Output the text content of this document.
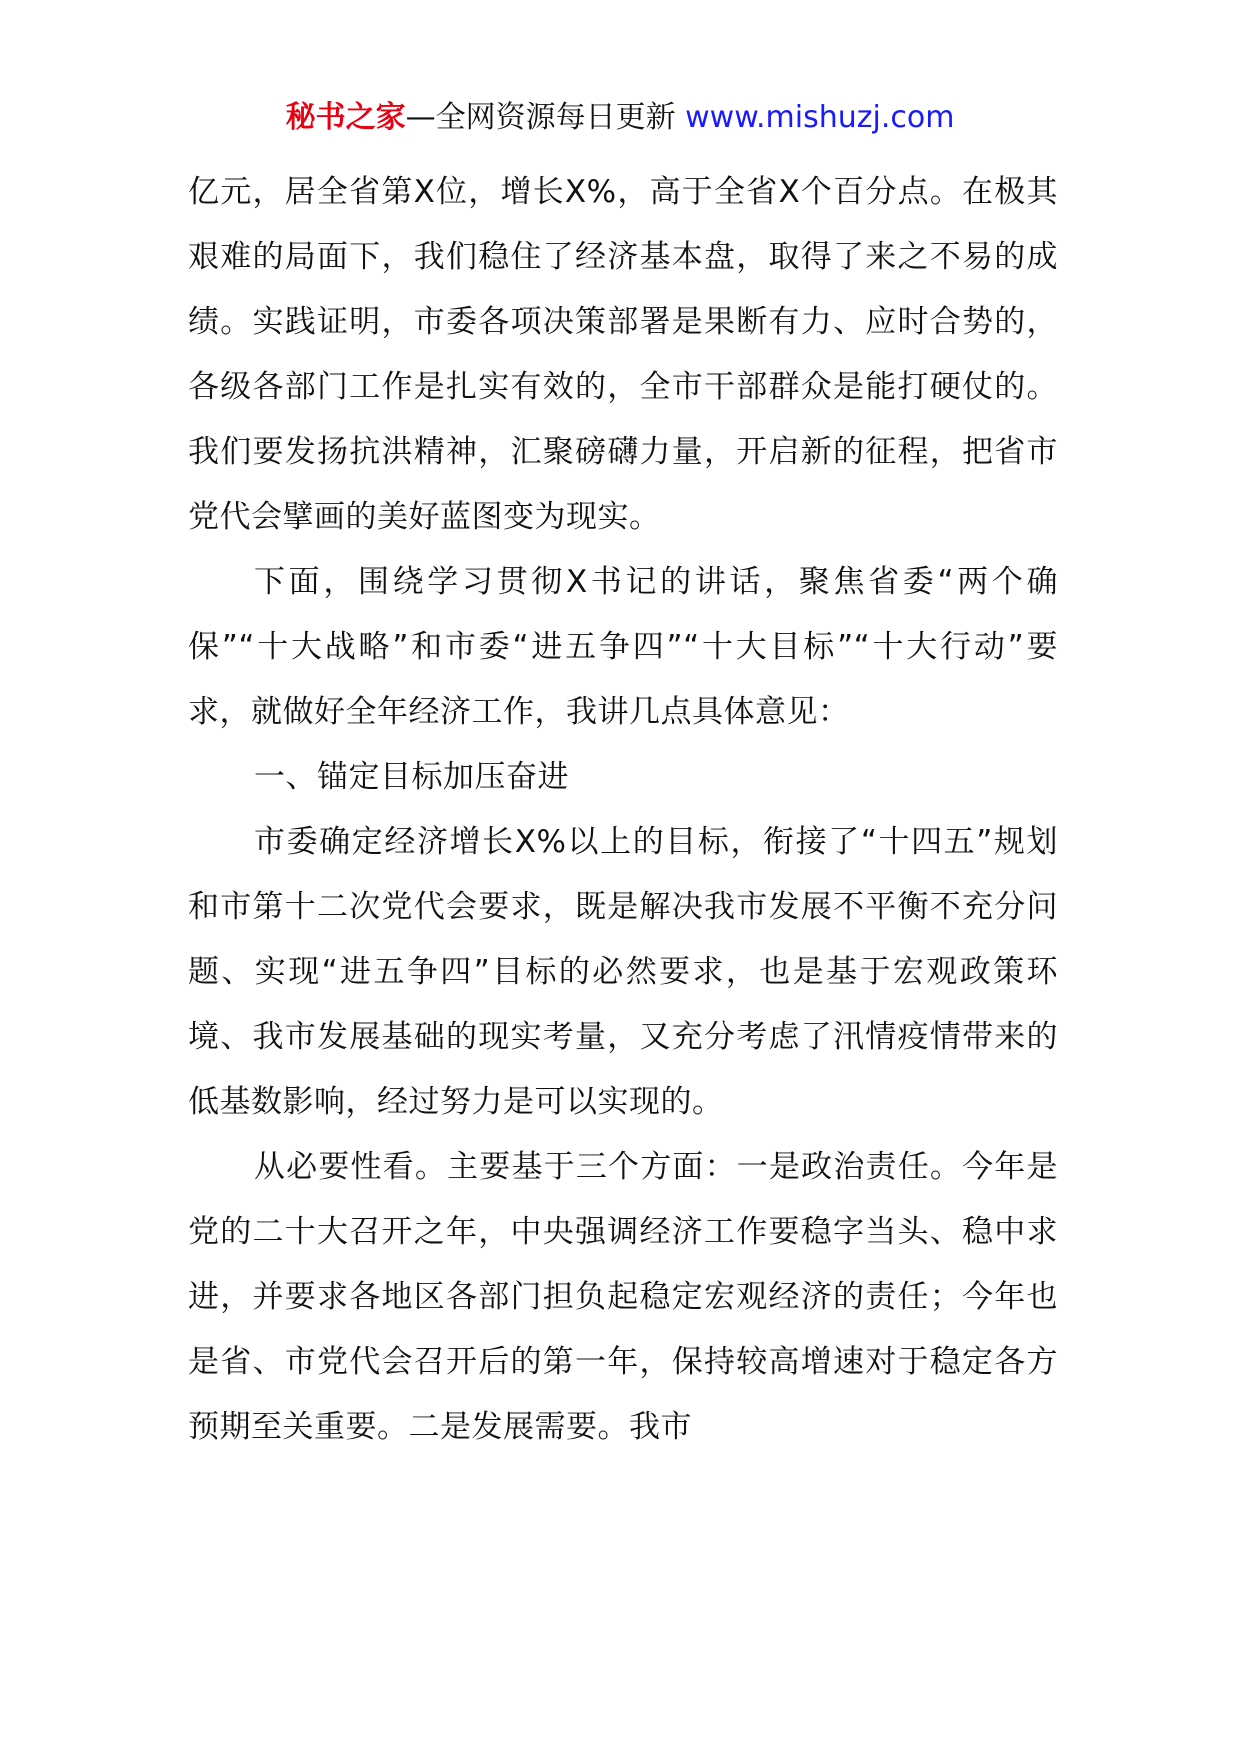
秘书之家—全网资源每日更新 www.mishuzj.com

亿元，居全省第X位，增长X%，高于全省X个百分点。在极其艰难的局面下，我们稳住了经济基本盘，取得了来之不易的成绩。实践证明，市委各项决策部署是果断有力、应时合势的，各级各部门工作是扎实有效的，全市干部群众是能打硬仗的。我们要发扬抗洪精神，汇聚磅礴力量，开启新的征程，把省市党代会擘画的美好蓝图变为现实。

下面，围绕学习贯彻X书记的讲话，聚焦省委“两个确保”“十大战略”和市委“进五争四”“十大目标”“十大行动”要求，就做好全年经济工作，我讲几点具体意见：

一、锚定目标加压奋进

市委确定经济增长X%以上的目标，衔接了“十四五”规划和市第十二次党代会要求，既是解决我市发展不平衡不充分问题、实现“进五争四”目标的必然要求，也是基于宏观政策环境、我市发展基础的现实考量，又充分考虑了汛情疫情带来的低基数影响，经过努力是可以实现的。

从必要性看。主要基于三个方面：一是政治责任。今年是党的二十大召开之年，中央强调经济工作要稳字当头、稳中求进，并要求各地区各部门担负起稳定宏观经济的责任；今年也是省、市党代会召开后的第一年，保持较高增速对于稳定各方预期至关重要。二是发展需要。我市
